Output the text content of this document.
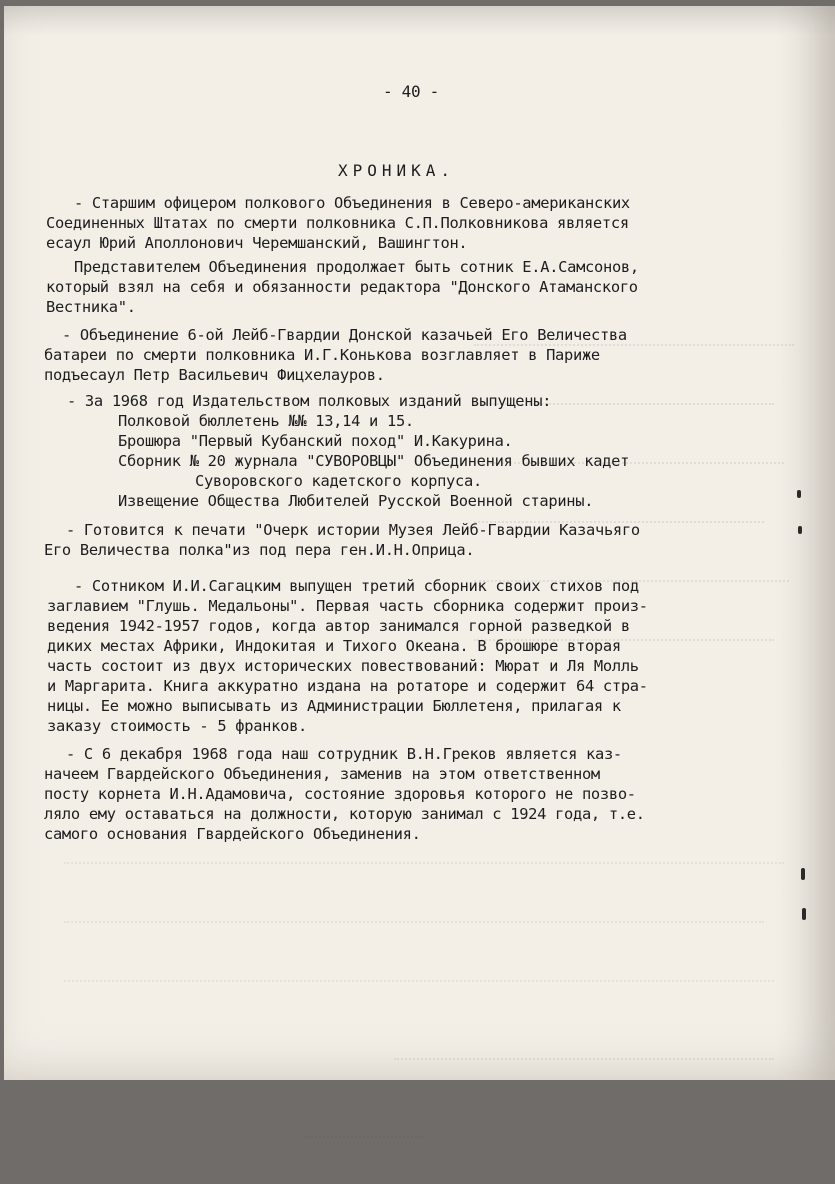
- 40 -
ХРОНИКА.
- Старшим офицером полкового Объединения в Северо-американских
Соединенных Штатах по смерти полковника С.П.Полковникова является
есаул Юрий Аполлонович Черемшанский, Вашингтон.
Представителем Объединения продолжает быть сотник Е.А.Самсонов,
который взял на себя и обязанности редактора "Донского Атаманского
Вестника".
- Объединение 6-ой Лейб-Гвардии Донской казачьей Его Величества
батареи по смерти полковника И.Г.Конькова возглавляет в Париже
подъесаул Петр Васильевич Фицхелауров.
- За 1968 год Издательством полковых изданий выпущены:
Полковой бюллетень №№ 13,14 и 15.
Брошюра "Первый Кубанский поход" И.Какурина.
Сборник № 20 журнала "СУВОРОВЦЫ" Объединения бывших кадет
Суворовского кадетского корпуса.
Извещение Общества Любителей Русской Военной старины.
- Готовится к печати "Очерк истории Музея Лейб-Гвардии Казачьяго
Его Величества полка"из под пера ген.И.Н.Оприца.
- Сотником И.И.Сагацким выпущен третий сборник своих стихов под
заглавием "Глушь. Медальоны". Первая часть сборника содержит произ-
ведения 1942-1957 годов, когда автор занимался горной разведкой в
диких местах Африки, Индокитая и Тихого Океана. В брошюре вторая
часть состоит из двух исторических повествований: Мюрат и Ля Молль
и Маргарита. Книга аккуратно издана на ротаторе и содержит 64 стра-
ницы. Ее можно выписывать из Администрации Бюллетеня, прилагая к
заказу стоимость - 5 франков.
- С 6 декабря 1968 года наш сотрудник В.Н.Греков является каз-
начеем Гвардейского Объединения, заменив на этом ответственном
посту корнета И.Н.Адамовича, состояние здоровья которого не позво-
ляло ему оставаться на должности, которую занимал с 1924 года, т.е.
самого основания Гвардейского Объединения.
